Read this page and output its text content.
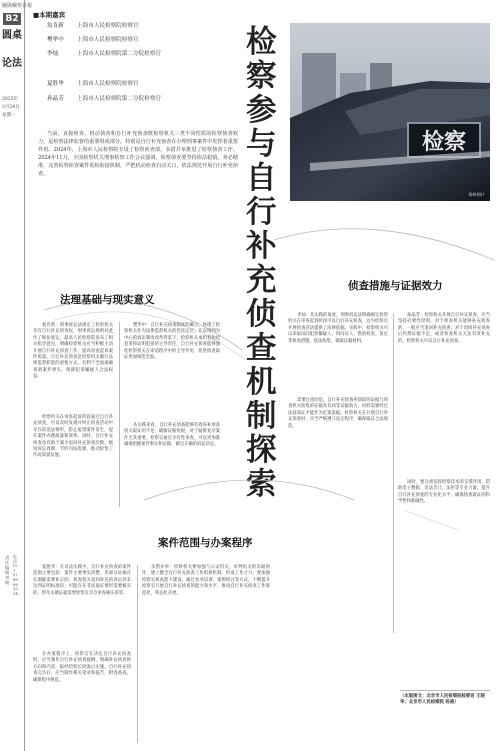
圖與檢察日報
B2
圆桌
论法
2025年
3月24日
星期一
责任编辑 刘晓
电话(010)88881234
■本期嘉宾
翁肯新 上海市人民检察院检察官
樊华中 上海市人民检察院检察官
李灿	上海市人民检察院第二分院检察官
夏胜华 上海市人民检察院检察官
孙晶芳 上海市人民检察院第二分院检察官
当前，直接侦查、机动侦查和自行补充侦查既检察机关三类不同性质的检察侦查权力，是检察法律监督的重要组成部分。特别是自行补充侦查在办理刑事案件中发挥着重要作用。2024年，上海市人民检察院专设了检察侦查部，多措并举推进了检察侦查工作。2024年11月，全国检察机关刑事检察工作会议强调，检察侦查要坚持依法稳慎，务必精准，完善检察侦查案件监检衔接机制，严把机动侦查启动关口，依法规范开展自行补充侦查。
检察参与自行补充侦查机制探索
检察
资料图片
法理基础与现实意义
翁肯新：刑事诉讼法规定了检察机关享有自行补充侦查权，刑事诉讼规则对此作了细化规定。最高人民检察院发布了相关指导意见，明确检察机关应当积极主动开展自行补充侦查工作，提高审查起诉案件质量。自行补充侦查是检察机关履行法律监督职能的重要方式，有利于全面准确查明案件事实，保障犯罪嫌疑人合法权益。
检察机关在审查起诉阶段通过自行补充侦查，可以及时发现并纠正侦查活动中存在的违法情形，防止冤错案件发生，提升案件办理质量和效率。同时，自行补充侦查也有助于减少退回补充侦查次数，缩短诉讼周期，节约司法资源，推动检察工作高质量发展。
樊华中：自行补充侦查制度的确立，体现了检察机关作为法律监督机关的宪法定位。在以审判为中心的诉讼制度改革背景下，检察机关承担着指控犯罪和证明犯罪的主导责任，自行补充侦查能够强化检察机关在审前程序中的主导作用，促进侦查取证更加规范全面。
从实践来看，自行补充侦查能够有效弥补侦查机关取证的不足，破解证据短板，对于疑难复杂案件尤其重要。检察官通过亲历性审查，可以更加准确地把握案件事实和证据，做出正确的诉讼决定。
侦查措施与证据效力
李灿：从实践的角度，刑事诉讼法明确规定检察机关在审查起诉阶段可以自行补充侦查，这为检察官开展侦查活动提供了法律依据。实践中，检察机关可以采取讯问犯罪嫌疑人、询问证人、勘验检查、鉴定等侦查措施，依法收集、调取证据材料。
需要注意的是，自行补充侦查所获取的证据与侦查机关收集的证据具有同等证据效力，同样需要经过法庭质证才能作为定案依据。检察机关在开展自行补充侦查时，应当严格遵守法定程序，确保取证合法规范。
孙晶芳：检察机关开展自行补充侦查，应当坚持必要性原则，对于侦查机关能够补充侦查的，一般应当退回补充侦查；对于退回补充侦查后仍然证据不足，或者侦查机关无法有效补充的，检察机关可以自行补充侦查。
同时，要注重发挥检察技术的支撑作用，借助电子数据、司法会计、法医等专业力量，提升自行补充侦查的专业化水平，确保侦查取证的科学性和准确性。
案件范围与办案程序
夏胜华：在司法实践中，自行补充侦查的案件范围主要包括：案件主要事实清楚，但部分证据存在瑕疵需要补正的；侦查机关退回补充侦查后仍未达到证明标准的；可能存在非法取证情形需要核实的；涉及关键证据需要检察官亲自审查核实的等。
在办案程序上，检察官在决定自行补充侦查时，应当制作自行补充侦查提纲，明确补充侦查的方向和内容，报经检察长批准后实施。自行补充侦查完毕后，应当制作相关笔录和报告，附卷备查，确保程序规范。
多措并举：检察机关要加强与公安机关、审判机关的沟通协作，建立健全自行补充侦查工作衔接机制，形成工作合力。要加强检察官侦查能力建设，通过业务培训、案例研讨等方式，不断提升检察官开展自行补充侦查的能力和水平，推动自行补充侦查工作规范化、常态化开展。
（本版图文：北京市人民检察院检察官 王晓华；北京市人民检察院 杨骏）
